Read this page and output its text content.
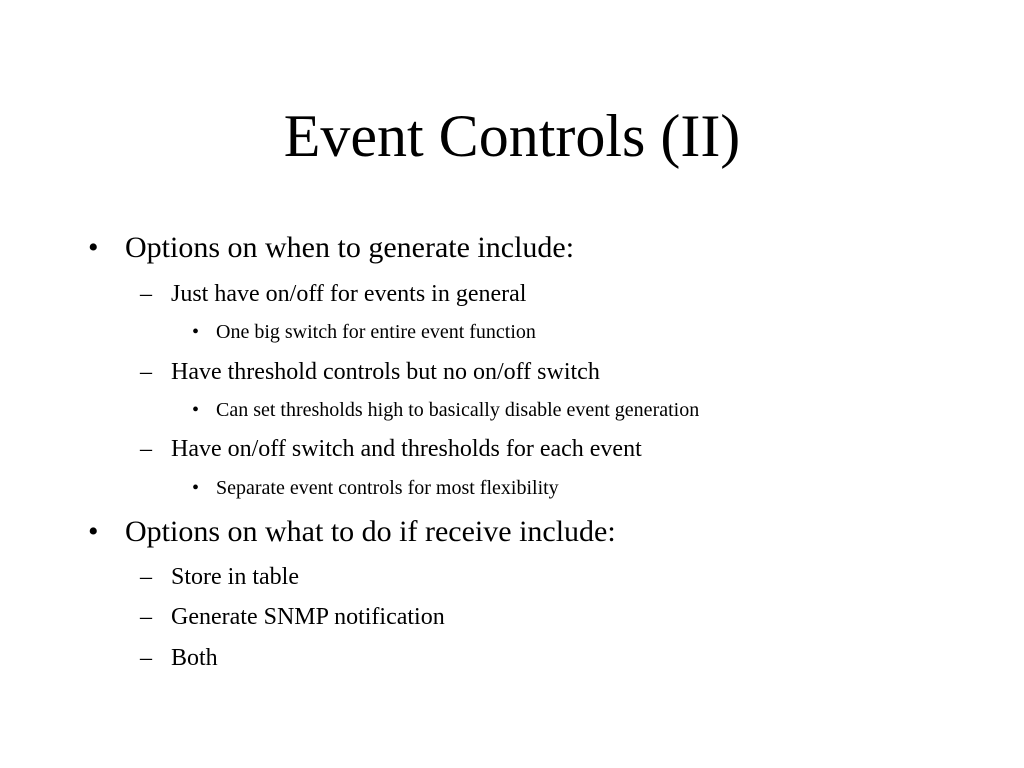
Event Controls (II)
• Options on when to generate include:
– Just have on/off for events in general
• One big switch for entire event function
– Have threshold controls but no on/off switch
• Can set thresholds high to basically disable event generation
– Have on/off switch and thresholds for each event
• Separate event controls for most flexibility
• Options on what to do if receive include:
– Store in table
– Generate SNMP notification
– Both
